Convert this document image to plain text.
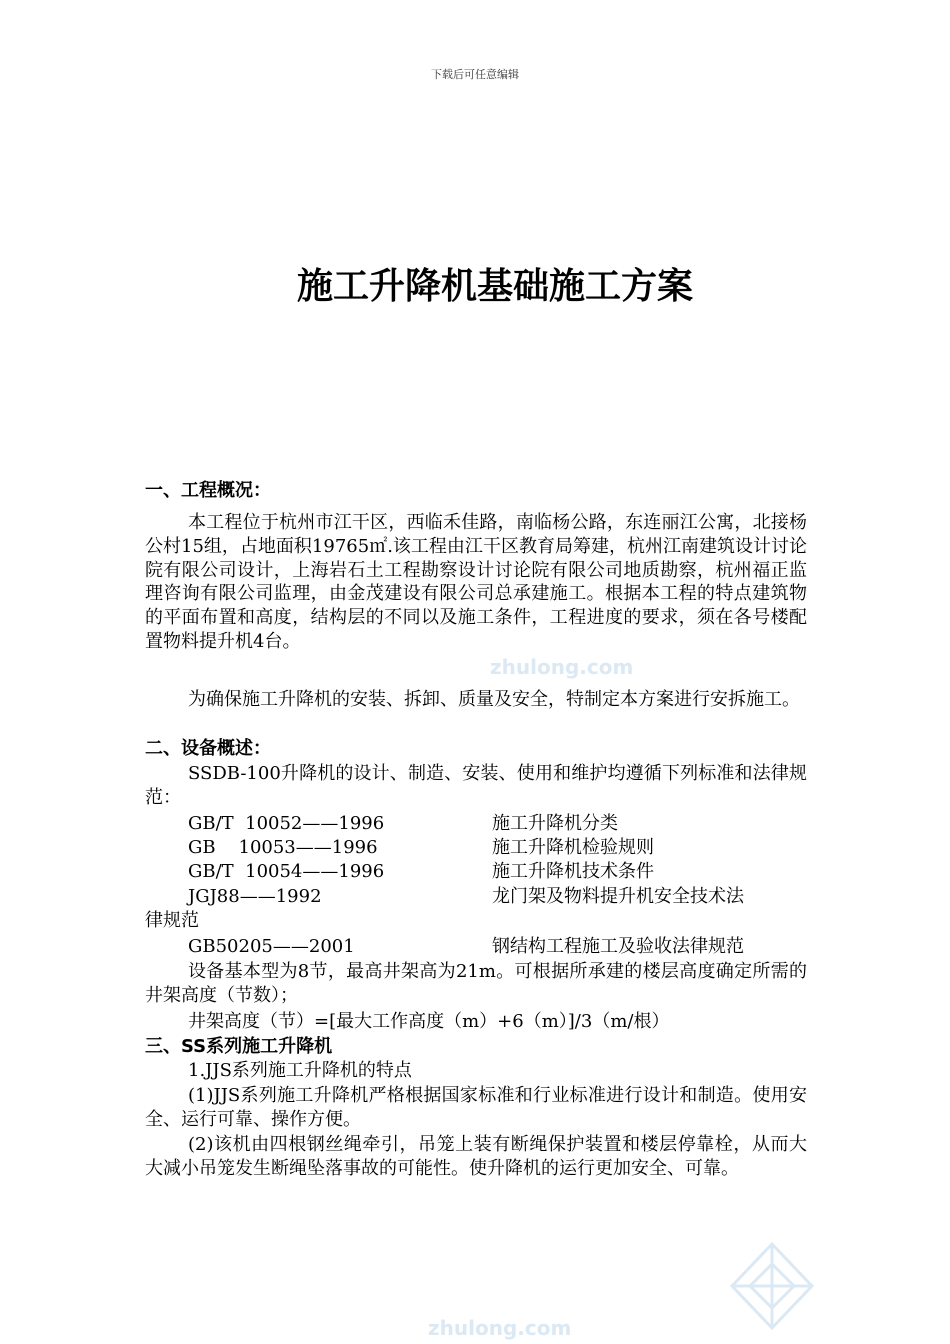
下载后可任意编辑
施工升降机基础施工方案
一、工程概况：
本工程位于杭州市江干区，西临禾佳路，南临杨公路，东连丽江公寓，北接杨公村15组，占地面积19765㎡.该工程由江干区教育局筹建，杭州江南建筑设计讨论院有限公司设计，上海岩石土工程勘察设计讨论院有限公司地质勘察，杭州福正监理咨询有限公司监理，由金茂建设有限公司总承建施工。根据本工程的特点建筑物的平面布置和高度，结构层的不同以及施工条件，工程进度的要求，须在各号楼配置物料提升机4台。
为确保施工升降机的安装、拆卸、质量及安全，特制定本方案进行安拆施工。
二、设备概述：
SSDB-100升降机的设计、制造、安装、使用和维护均遵循下列标准和法律规范：
GB/T  10052——1996	施工升降机分类
GB    10053——1996	施工升降机检验规则
GB/T  10054——1996	施工升降机技术条件
JGJ88——1992	龙门架及物料提升机安全技术法
律规范
GB50205——2001	钢结构工程施工及验收法律规范
设备基本型为8节，最高井架高为21m。可根据所承建的楼层高度确定所需的井架高度（节数）；
井架高度（节）=[最大工作高度（m）+6（m）]/3（m/根）
三、SS系列施工升降机
1.JJS系列施工升降机的特点
(1)JJS系列施工升降机严格根据国家标准和行业标准进行设计和制造。使用安全、运行可靠、操作方便。
(2)该机由四根钢丝绳牵引，吊笼上装有断绳保护装置和楼层停靠栓，从而大大减小吊笼发生断绳坠落事故的可能性。使升降机的运行更加安全、可靠。
zhulong.com
zhulong.com
